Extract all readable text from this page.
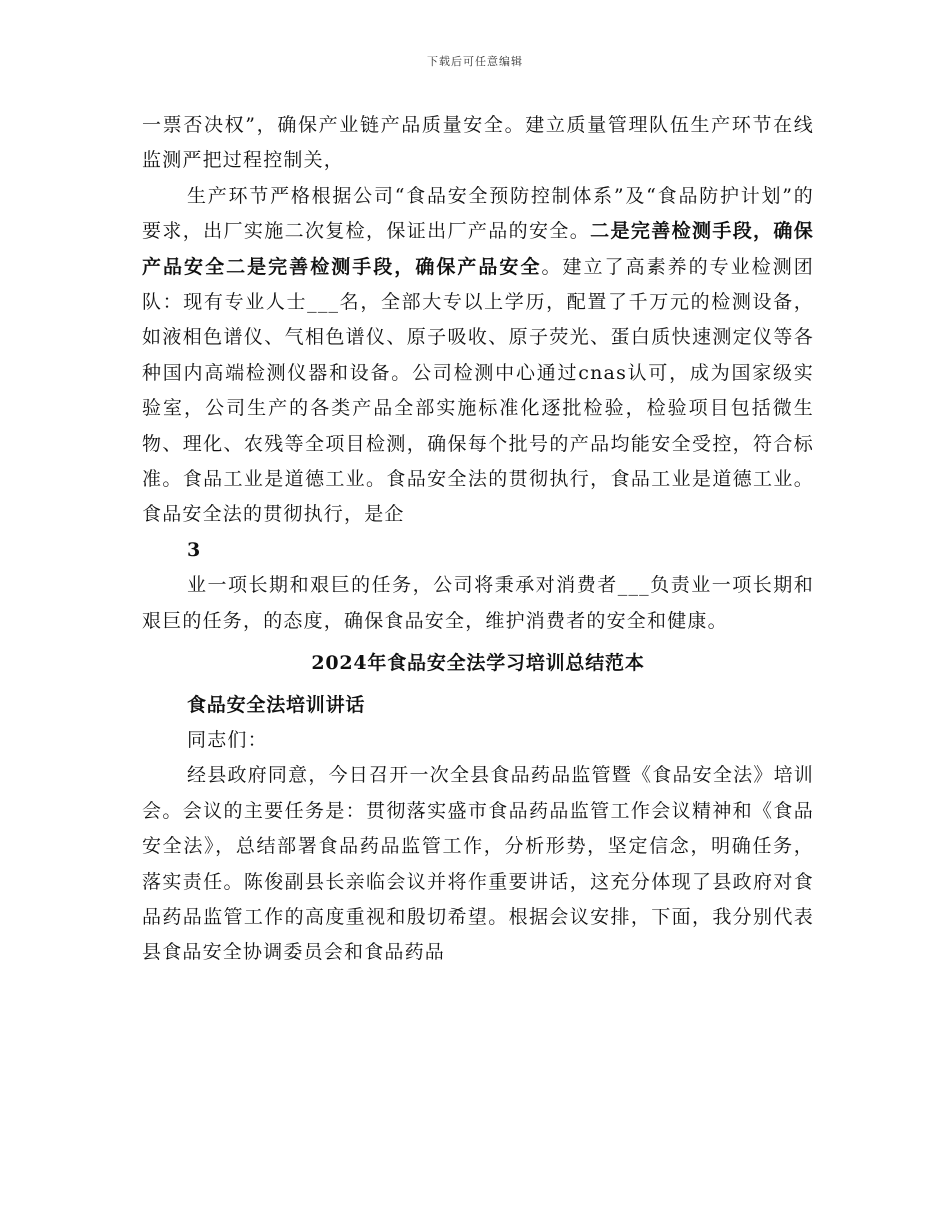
下载后可任意编辑

一票否决权”，确保产业链产品质量安全。建立质量管理队伍生产环节在线监测严把过程控制关，

生产环节严格根据公司“食品安全预防控制体系”及“食品防护计划”的要求，出厂实施二次复检，保证出厂产品的安全。二是完善检测手段，确保产品安全二是完善检测手段，确保产品安全。建立了高素养的专业检测团队：现有专业人士___名，全部大专以上学历，配置了千万元的检测设备，如液相色谱仪、气相色谱仪、原子吸收、原子荧光、蛋白质快速测定仪等各种国内高端检测仪器和设备。公司检测中心通过cnas认可，成为国家级实验室，公司生产的各类产品全部实施标准化逐批检验，检验项目包括微生物、理化、农残等全项目检测，确保每个批号的产品均能安全受控，符合标准。食品工业是道德工业。食品安全法的贯彻执行，食品工业是道德工业。食品安全法的贯彻执行，是企

3

业一项长期和艰巨的任务，公司将秉承对消费者___负责业一项长期和艰巨的任务，的态度，确保食品安全，维护消费者的安全和健康。

2024年食品安全法学习培训总结范本
食品安全法培训讲话
同志们：

经县政府同意，今日召开一次全县食品药品监管暨《食品安全法》培训会。会议的主要任务是：贯彻落实盛市食品药品监管工作会议精神和《食品安全法》，总结部署食品药品监管工作，分析形势，坚定信念，明确任务，落实责任。陈俊副县长亲临会议并将作重要讲话，这充分体现了县政府对食品药品监管工作的高度重视和殷切希望。根据会议安排，下面，我分别代表县食品安全协调委员会和食品药品
